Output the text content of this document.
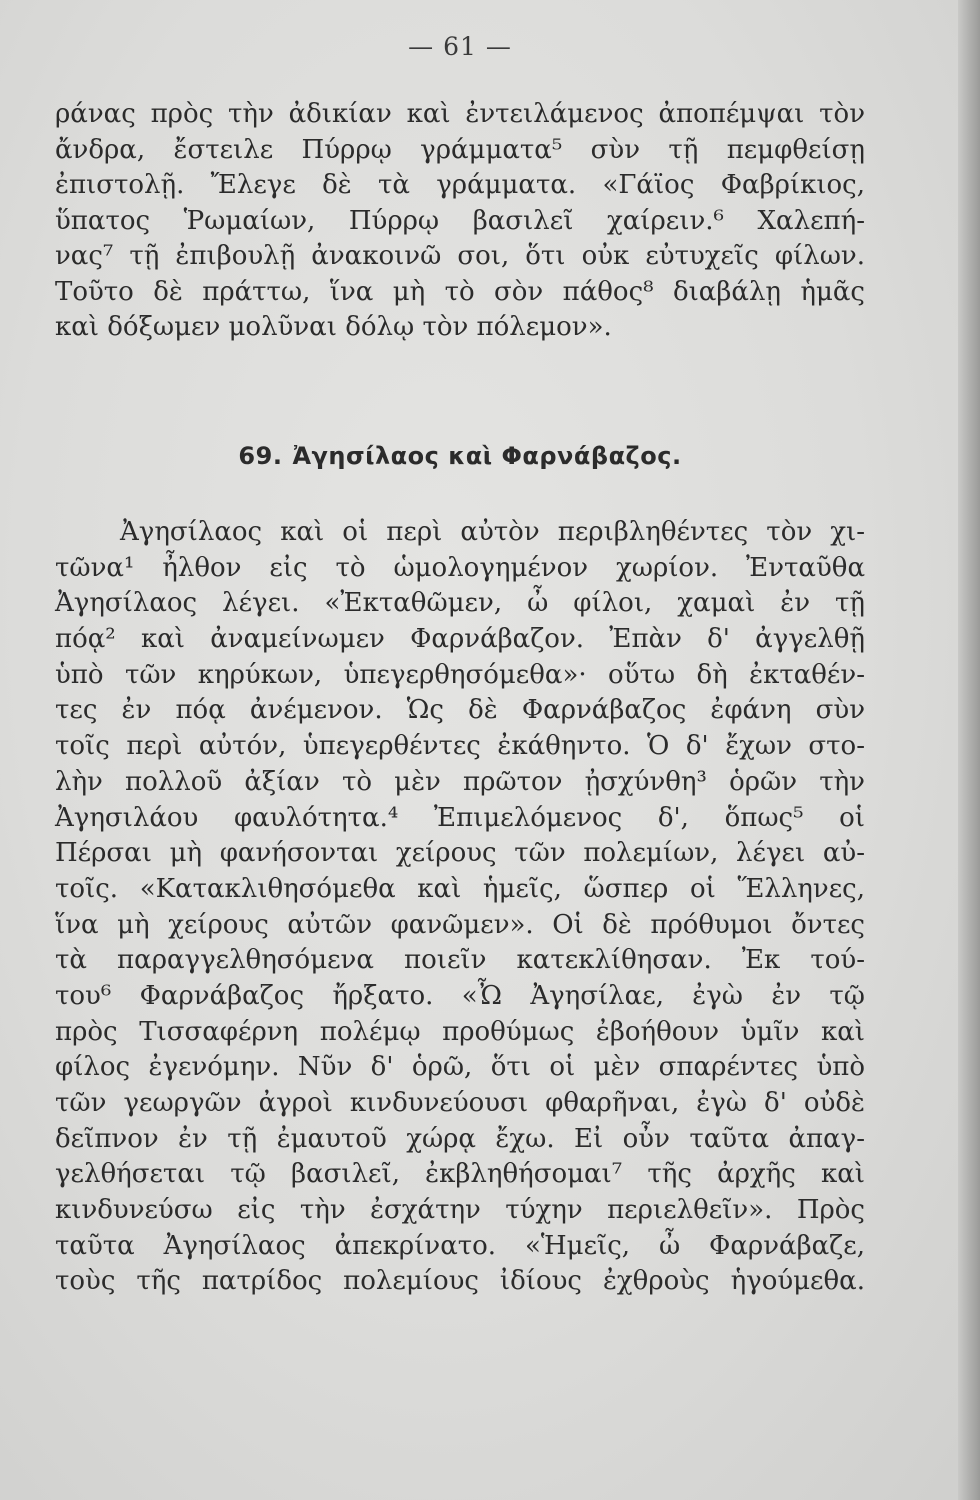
— 61 —
ράνας πρὸς τὴν ἀδικίαν καὶ ἐντειλάμενος ἀποπέμψαι τὸν
ἄνδρα, ἔστειλε Πύρρῳ γράμματα⁵ σὺν τῇ πεμφθείσῃ
ἐπιστολῇ. Ἔλεγε δὲ τὰ γράμματα. «Γάϊος Φαβρίκιος,
ὕπατος Ῥωμαίων, Πύρρῳ βασιλεῖ χαίρειν.⁶ Χαλεπή-
νας⁷ τῇ ἐπιβουλῇ ἀνακοινῶ σοι, ὅτι οὐκ εὐτυχεῖς φίλων.
Τοῦτο δὲ πράττω, ἵνα μὴ τὸ σὸν πάθος⁸ διαβάλῃ ἡμᾶς
καὶ δόξωμεν μολῦναι δόλῳ τὸν πόλεμον».
69. Ἀγησίλαος καὶ Φαρνάβαζος.
Ἀγησίλαος καὶ οἱ περὶ αὐτὸν περιβληθέντες τὸν χι-
τῶνα¹ ἦλθον εἰς τὸ ὡμολογημένον χωρίον. Ἐνταῦθα
Ἀγησίλαος λέγει. «Ἐκταθῶμεν, ὦ φίλοι, χαμαὶ ἐν τῇ
πόᾳ² καὶ ἀναμείνωμεν Φαρνάβαζον. Ἐπὰν δ' ἀγγελθῇ
ὑπὸ τῶν κηρύκων, ὑπεγερθησόμεθα»· οὕτω δὴ ἐκταθέν-
τες ἐν πόᾳ ἀνέμενον. Ὡς δὲ Φαρνάβαζος ἐφάνη σὺν
τοῖς περὶ αὐτόν, ὑπεγερθέντες ἐκάθηντο. Ὁ δ' ἔχων στο-
λὴν πολλοῦ ἀξίαν τὸ μὲν πρῶτον ᾐσχύνθη³ ὁρῶν τὴν
Ἀγησιλάου φαυλότητα.⁴ Ἐπιμελόμενος δ', ὅπως⁵ οἱ
Πέρσαι μὴ φανήσονται χείρους τῶν πολεμίων, λέγει αὐ-
τοῖς. «Κατακλιθησόμεθα καὶ ἡμεῖς, ὥσπερ οἱ Ἕλληνες,
ἵνα μὴ χείρους αὐτῶν φανῶμεν». Οἱ δὲ πρόθυμοι ὄντες
τὰ παραγγελθησόμενα ποιεῖν κατεκλίθησαν. Ἐκ τού-
του⁶ Φαρνάβαζος ἤρξατο. «Ὦ Ἀγησίλαε, ἐγὼ ἐν τῷ
πρὸς Τισσαφέρνη πολέμῳ προθύμως ἐβοήθουν ὑμῖν καὶ
φίλος ἐγενόμην. Νῦν δ' ὁρῶ, ὅτι οἱ μὲν σπαρέντες ὑπὸ
τῶν γεωργῶν ἀγροὶ κινδυνεύουσι φθαρῆναι, ἐγὼ δ' οὐδὲ
δεῖπνον ἐν τῇ ἐμαυτοῦ χώρᾳ ἔχω. Εἰ οὖν ταῦτα ἀπαγ-
γελθήσεται τῷ βασιλεῖ, ἐκβληθήσομαι⁷ τῆς ἀρχῆς καὶ
κινδυνεύσω εἰς τὴν ἐσχάτην τύχην περιελθεῖν». Πρὸς
ταῦτα Ἀγησίλαος ἀπεκρίνατο. «Ἡμεῖς, ὦ Φαρνάβαζε,
τοὺς τῆς πατρίδος πολεμίους ἰδίους ἐχθροὺς ἡγούμεθα.
